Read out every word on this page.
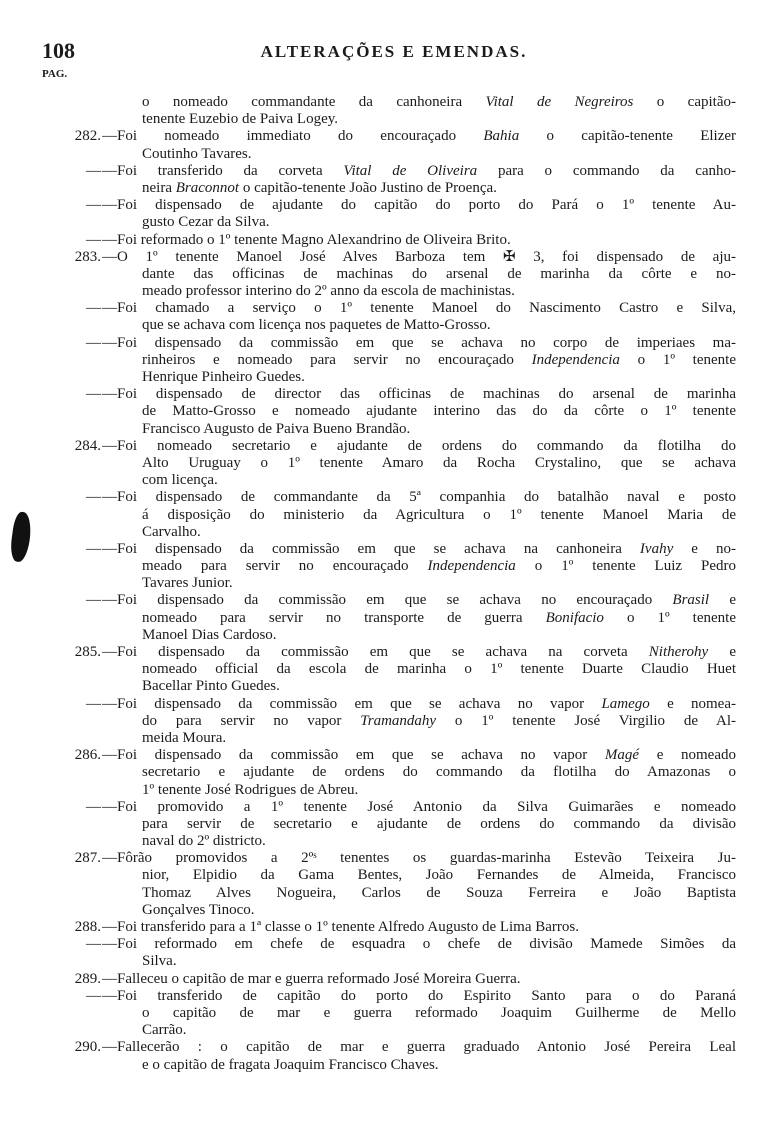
108	ALTERAÇÕES E EMENDAS.
PAG.
o nomeado commandante da canhoneira Vital de Negreiros o capitão-
tenente Euzebio de Paiva Logey.
282. —Foi nomeado immediato do encouraçado Bahia o capitão-tenente Elizer
Coutinho Tavares.
— —Foi transferido da corveta Vital de Oliveira para o commando da canho-
neira Braconnot o capitão-tenente João Justino de Proença.
— —Foi dispensado de ajudante do capitão do porto do Pará o 1º tenente Au-
gusto Cezar da Silva.
— —Foi reformado o 1º tenente Magno Alexandrino de Oliveira Brito.
283. —O 1º tenente Manoel José Alves Barboza tem ✠ 3, foi dispensado de aju-
dante das officinas de machinas do arsenal de marinha da côrte e no-
meado professor interino do 2º anno da escola de machinistas.
— —Foi chamado a serviço o 1º tenente Manoel do Nascimento Castro e Silva,
que se achava com licença nos paquetes de Matto-Grosso.
— —Foi dispensado da commissão em que se achava no corpo de imperiaes ma-
rinheiros e nomeado para servir no encouraçado Independencia o 1º tenente
Henrique Pinheiro Guedes.
— —Foi dispensado de director das officinas de machinas do arsenal de marinha
de Matto-Grosso e nomeado ajudante interino das do da côrte o 1º tenente
Francisco Augusto de Paiva Bueno Brandão.
284. —Foi nomeado secretario e ajudante de ordens do commando da flotilha do
Alto Uruguay o 1º tenente Amaro da Rocha Crystalino, que se achava
com licença.
— —Foi dispensado de commandante da 5ª companhia do batalhão naval e posto
á disposição do ministerio da Agricultura o 1º tenente Manoel Maria de
Carvalho.
— —Foi dispensado da commissão em que se achava na canhoneira Ivahy e no-
meado para servir no encouraçado Independencia o 1º tenente Luiz Pedro
Tavares Junior.
— —Foi dispensado da commissão em que se achava no encouraçado Brasil e
nomeado para servir no transporte de guerra Bonifacio o 1º tenente
Manoel Dias Cardoso.
285. —Foi dispensado da commissão em que se achava na corveta Nitherohy e
nomeado official da escola de marinha o 1º tenente Duarte Claudio Huet
Bacellar Pinto Guedes.
— —Foi dispensado da commissão em que se achava no vapor Lamego e nomea-
do para servir no vapor Tramandahy o 1º tenente José Virgilio de Al-
meida Moura.
286. —Foi dispensado da commissão em que se achava no vapor Magé e nomeado
secretario e ajudante de ordens do commando da flotilha do Amazonas o
1º tenente José Rodrigues de Abreu.
— —Foi promovido a 1º tenente José Antonio da Silva Guimarães e nomeado
para servir de secretario e ajudante de ordens do commando da divisão
naval do 2º districto.
287. —Fôrão promovidos a 2ºˢ tenentes os guardas-marinha Estevão Teixeira Ju-
nior, Elpidio da Gama Bentes, João Fernandes de Almeida, Francisco
Thomaz Alves Nogueira, Carlos de Souza Ferreira e João Baptista
Gonçalves Tinoco.
288. —Foi transferido para a 1ª classe o 1º tenente Alfredo Augusto de Lima Barros.
— —Foi reformado em chefe de esquadra o chefe de divisão Mamede Simões da
Silva.
289. —Falleceu o capitão de mar e guerra reformado José Moreira Guerra.
— —Foi transferido de capitão do porto do Espirito Santo para o do Paraná
o capitão de mar e guerra reformado Joaquim Guilherme de Mello
Carrão.
290. —Fallecerão : o capitão de mar e guerra graduado Antonio José Pereira Leal
e o capitão de fragata Joaquim Francisco Chaves.
